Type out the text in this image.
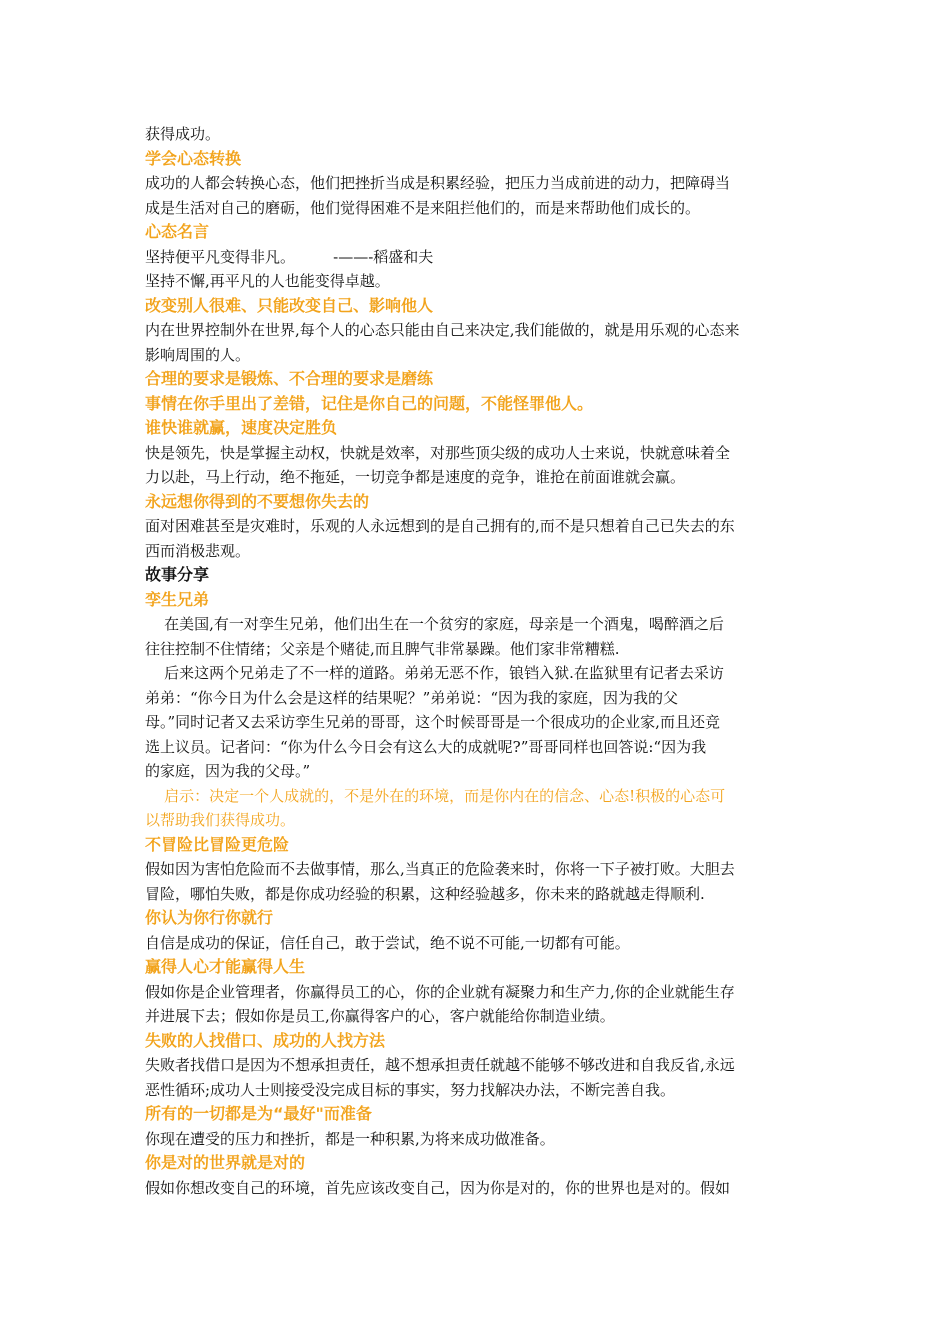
获得成功。
学会心态转换
成功的人都会转换心态，他们把挫折当成是积累经验，把压力当成前进的动力，把障碍当
成是生活对自己的磨砺，他们觉得困难不是来阻拦他们的，而是来帮助他们成长的。
心态名言
坚持便平凡变得非凡。        -——-稻盛和夫
坚持不懈,再平凡的人也能变得卓越。
改变别人很难、只能改变自己、影响他人
内在世界控制外在世界,每个人的心态只能由自己来决定,我们能做的，就是用乐观的心态来
影响周围的人。
合理的要求是锻炼、不合理的要求是磨练
事情在你手里出了差错，记住是你自己的问题，不能怪罪他人。
谁快谁就赢，速度决定胜负
快是领先，快是掌握主动权，快就是效率，对那些顶尖级的成功人士来说，快就意味着全
力以赴，马上行动，绝不拖延，一切竞争都是速度的竞争，谁抢在前面谁就会赢。
永远想你得到的不要想你失去的
面对困难甚至是灾难时，乐观的人永远想到的是自己拥有的,而不是只想着自己已失去的东
西而消极悲观。
故事分享
孪生兄弟
在美国,有一对孪生兄弟，他们出生在一个贫穷的家庭，母亲是一个酒鬼，喝醉酒之后
往往控制不住情绪；父亲是个赌徒,而且脾气非常暴躁。他们家非常糟糕.
后来这两个兄弟走了不一样的道路。弟弟无恶不作，锒铛入狱.在监狱里有记者去采访
弟弟：“你今日为什么会是这样的结果呢？”弟弟说：“因为我的家庭，因为我的父
母。”同时记者又去采访孪生兄弟的哥哥，这个时候哥哥是一个很成功的企业家,而且还竞
选上议员。记者问：“你为什么今日会有这么大的成就呢?”哥哥同样也回答说:“因为我
的家庭，因为我的父母。”
启示：决定一个人成就的，不是外在的环境，而是你内在的信念、心态!积极的心态可
以帮助我们获得成功。
不冒险比冒险更危险
假如因为害怕危险而不去做事情，那么,当真正的危险袭来时，你将一下子被打败。大胆去
冒险，哪怕失败，都是你成功经验的积累，这种经验越多，你未来的路就越走得顺利.
你认为你行你就行
自信是成功的保证，信任自己，敢于尝试，绝不说不可能,一切都有可能。
赢得人心才能赢得人生
假如你是企业管理者，你赢得员工的心，你的企业就有凝聚力和生产力,你的企业就能生存
并进展下去；假如你是员工,你赢得客户的心，客户就能给你制造业绩。
失败的人找借口、成功的人找方法
失败者找借口是因为不想承担责任，越不想承担责任就越不能够不够改进和自我反省,永远
恶性循环;成功人士则接受没完成目标的事实，努力找解决办法，不断完善自我。
所有的一切都是为“最好"而准备
你现在遭受的压力和挫折，都是一种积累,为将来成功做准备。
你是对的世界就是对的
假如你想改变自己的环境，首先应该改变自己，因为你是对的，你的世界也是对的。假如
